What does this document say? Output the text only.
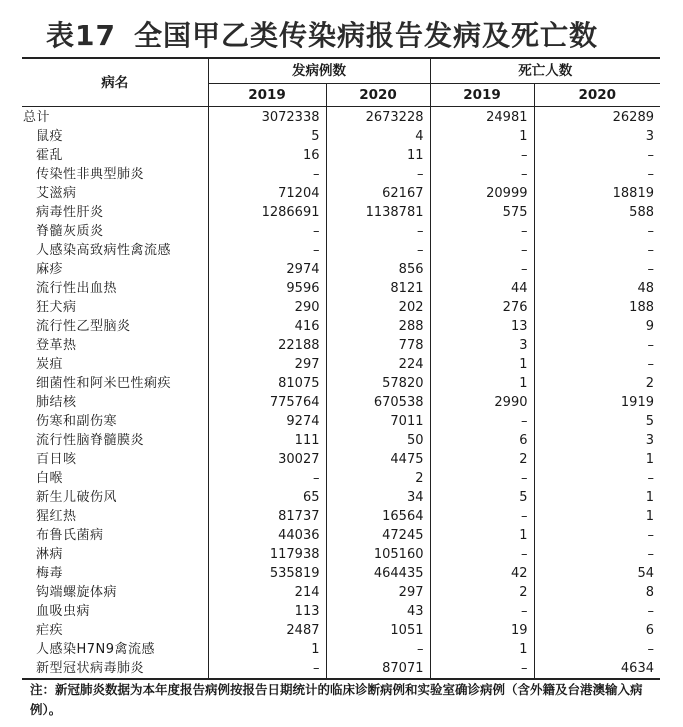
表17 全国甲乙类传染病报告发病及死亡数
病名	发病例数		死亡人数	
	2019	2020	2019	2020
总计	3072338	2673228	24981	26289
鼠疫	5	4	1	3
霍乱	16	11	–	–
传染性非典型肺炎	–	–	–	–
艾滋病	71204	62167	20999	18819
病毒性肝炎	1286691	1138781	575	588
脊髓灰质炎	–	–	–	–
人感染高致病性禽流感	–	–	–	–
麻疹	2974	856	–	–
流行性出血热	9596	8121	44	48
狂犬病	290	202	276	188
流行性乙型脑炎	416	288	13	9
登革热	22188	778	3	–
炭疽	297	224	1	–
细菌性和阿米巴性痢疾	81075	57820	1	2
肺结核	775764	670538	2990	1919
伤寒和副伤寒	9274	7011	–	5
流行性脑脊髓膜炎	111	50	6	3
百日咳	30027	4475	2	1
白喉	–	2	–	–
新生儿破伤风	65	34	5	1
猩红热	81737	16564	–	1
布鲁氏菌病	44036	47245	1	–
淋病	117938	105160	–	–
梅毒	535819	464435	42	54
钩端螺旋体病	214	297	2	8
血吸虫病	113	43	–	–
疟疾	2487	1051	19	6
人感染H7N9禽流感	1	–	1	–
新型冠状病毒肺炎	–	87071	–	4634
注：新冠肺炎数据为本年度报告病例按报告日期统计的临床诊断病例和实验室确诊病例（含外籍及台港澳输入病例）。
